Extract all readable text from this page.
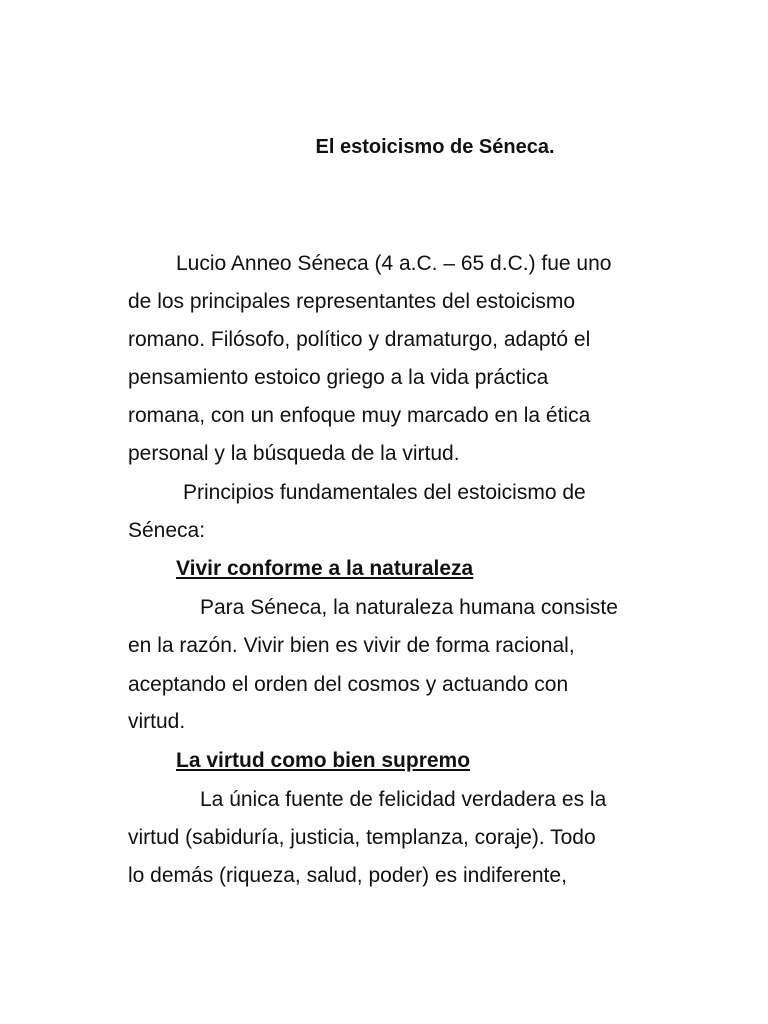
El estoicismo de Séneca.

Lucio Anneo Séneca (4 a.C. – 65 d.C.) fue uno

de los principales representantes del estoicismo

romano. Filósofo, político y dramaturgo, adaptó el

pensamiento estoico griego a la vida práctica

romana, con un enfoque muy marcado en la ética

personal y la búsqueda de la virtud.

Principios fundamentales del estoicismo de

Séneca:

Vivir conforme a la naturaleza

Para Séneca, la naturaleza humana consiste

en la razón. Vivir bien es vivir de forma racional,

aceptando el orden del cosmos y actuando con

virtud.

La virtud como bien supremo

La única fuente de felicidad verdadera es la

virtud (sabiduría, justicia, templanza, coraje). Todo

lo demás (riqueza, salud, poder) es indiferente,
